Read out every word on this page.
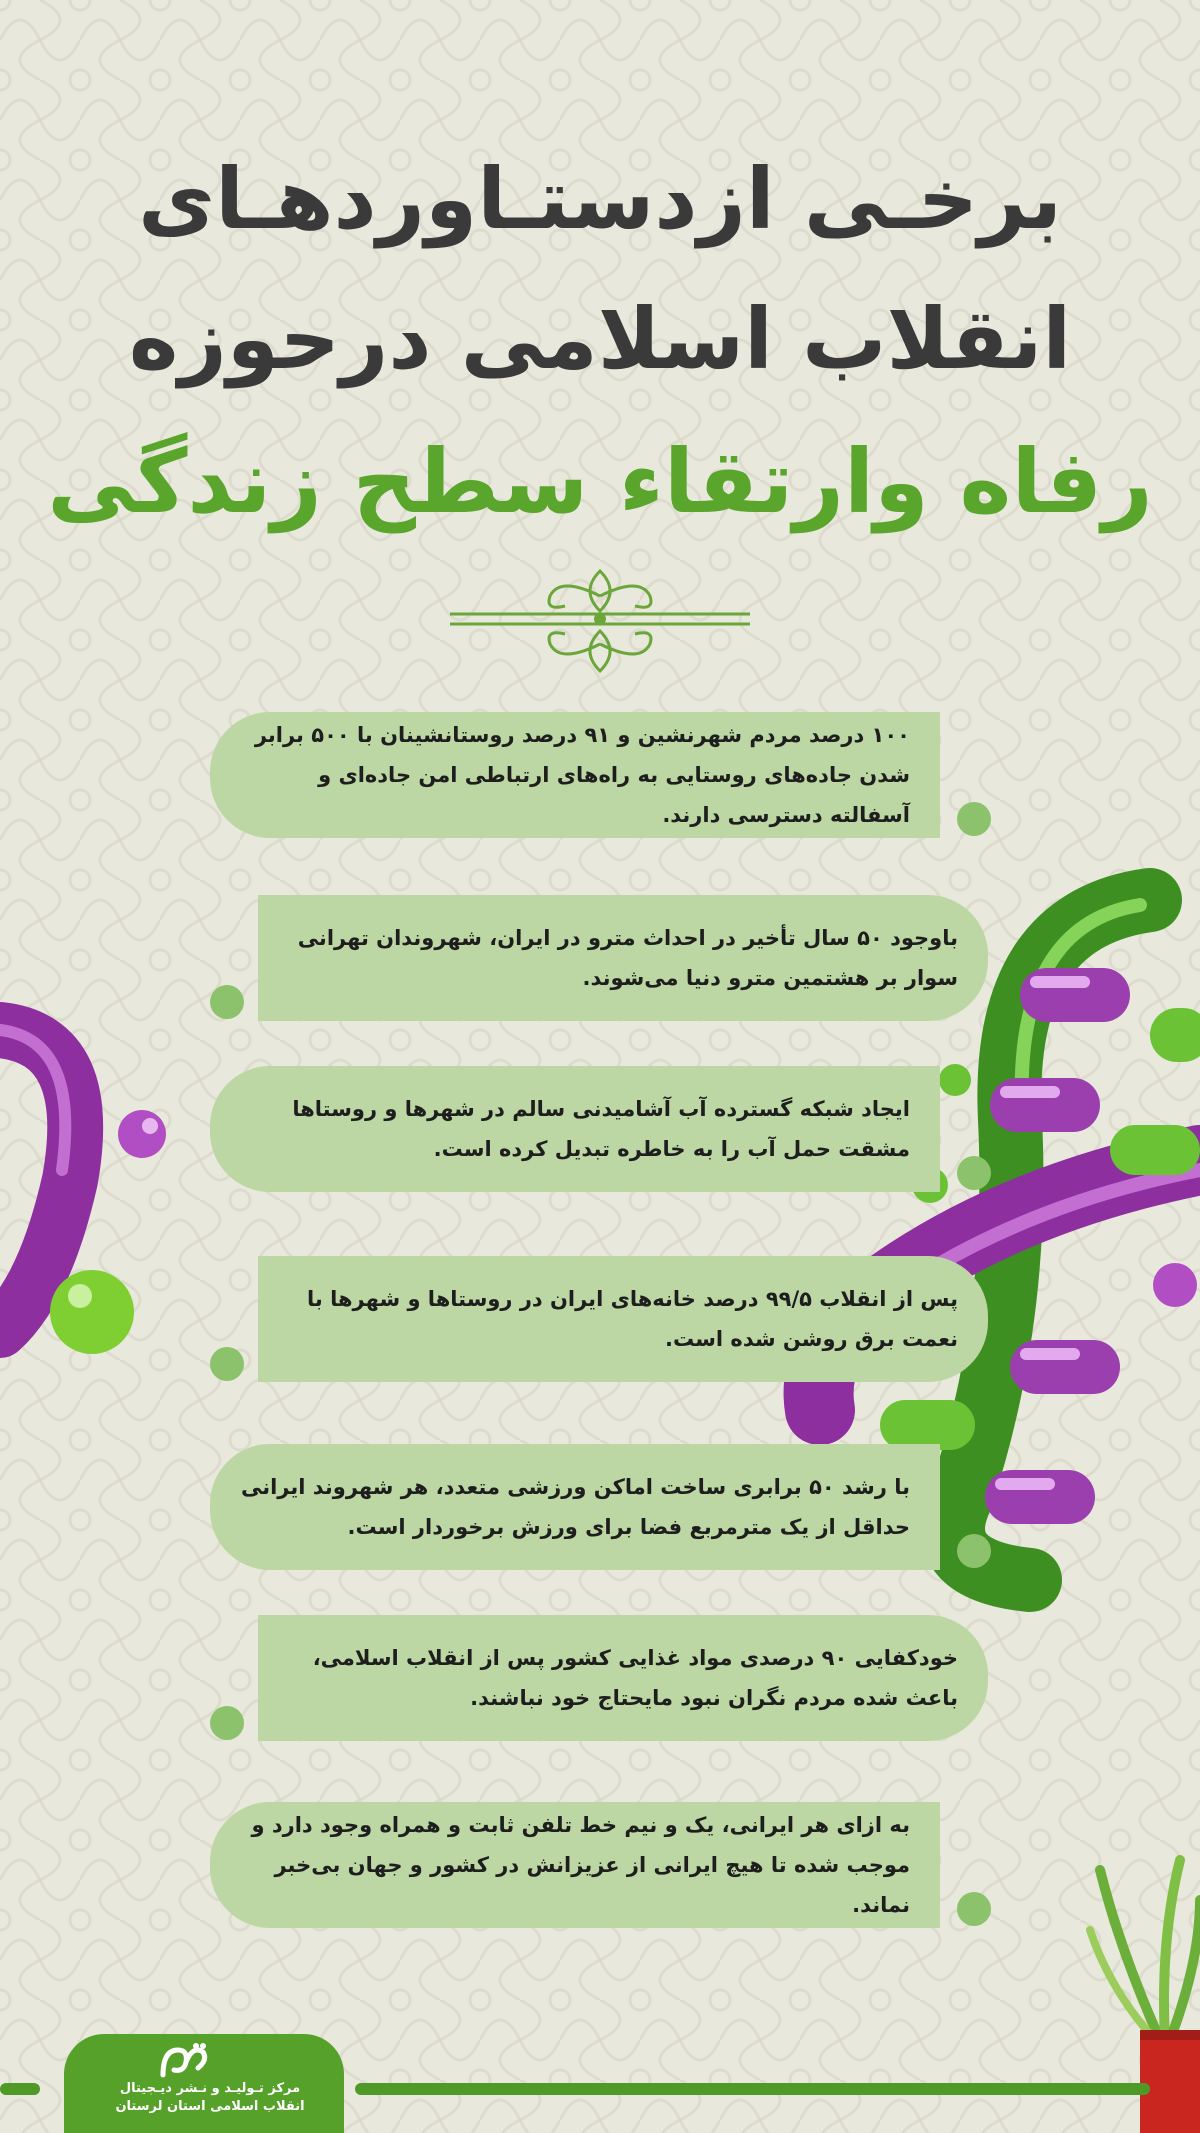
برخـی ازدستـاوردهـای
انقلاب اسلامی درحوزه
رفاه وارتقاء سطح زندگی
۱۰۰ درصد مردم شهرنشین و ۹۱ درصد روستانشینان با ۵۰۰ برابر شدن جاده‌های روستایی به راه‌های ارتباطی امن جاده‌ای و آسفالته دسترسی دارند.
باوجود ۵۰ سال تأخیر در احداث مترو در ایران، شهروندان تهرانی سوار بر هشتمین مترو دنیا می‌شوند.
ایجاد شبکه گسترده آب آشامیدنی سالم در شهرها و روستاها مشقت حمل آب را به خاطره تبدیل کرده است.
پس از انقلاب ۹۹/۵ درصد خانه‌های ایران در روستاها و شهرها با نعمت برق روشن شده است.
با رشد ۵۰ برابری ساخت اماکن ورزشی متعدد، هر شهروند ایرانی حداقل از یک مترمربع فضا برای ورزش برخوردار است.
خودکفایی ۹۰ درصدی مواد غذایی کشور پس از انقلاب اسلامی، باعث شده مردم نگران نبود مایحتاج خود نباشند.
به ازای هر ایرانی، یک و نیم خط تلفن ثابت و همراه وجود دارد و موجب شده تا هیچ ایرانی از عزیزانش در کشور و جهان بی‌خبر نماند.
مرکز تـولیـد و نـشر دیـجیتال
انقلاب اسلامی استان لرستان
